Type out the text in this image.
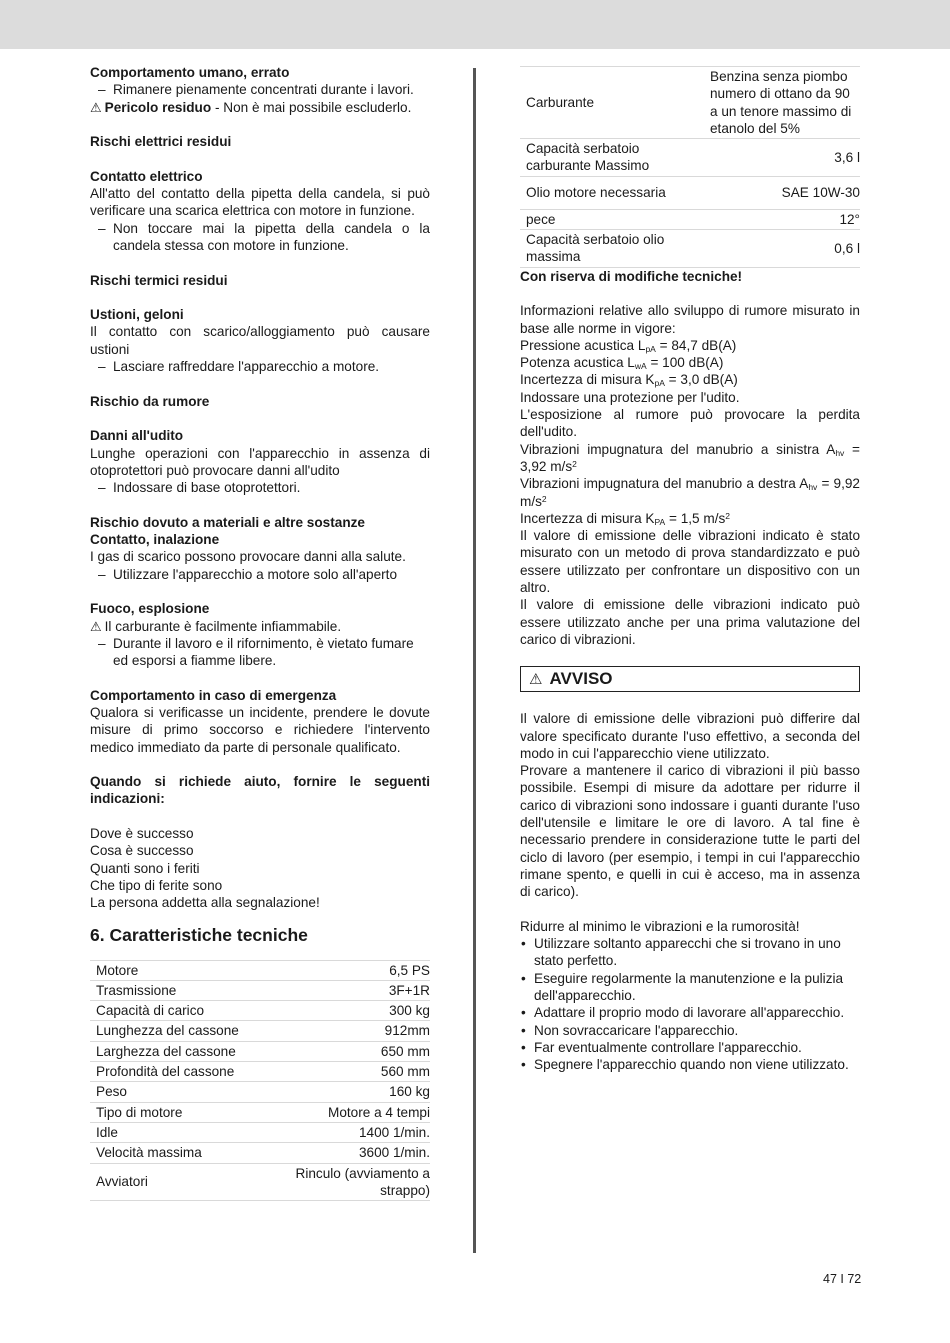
Comportamento umano, errato

– Rimanere pienamente concentrati durante i lavori.

⚠ Pericolo residuo - Non è mai possibile escluderlo.

Rischi elettrici residui

Contatto elettrico

All'atto del contatto della pipetta della candela, si può verificare una scarica elettrica con motore in funzione.

– Non toccare mai la pipetta della candela o la candela stessa con motore in funzione.

Rischi termici residui

Ustioni, geloni

Il contatto con scarico/alloggiamento può causare ustioni

– Lasciare raffreddare l'apparecchio a motore.

Rischio da rumore

Danni all'udito

Lunghe operazioni con l'apparecchio in assenza di otoprotettori può provocare danni all'udito

– Indossare di base otoprotettori.

Rischio dovuto a materiali e altre sostanze

Contatto, inalazione

I gas di scarico possono provocare danni alla salute.

– Utilizzare l'apparecchio a motore solo all'aperto

Fuoco, esplosione

⚠ Il carburante è facilmente infiammabile.

– Durante il lavoro e il rifornimento, è vietato fumare ed esporsi a fiamme libere.

Comportamento in caso di emergenza

Qualora si verificasse un incidente, prendere le dovute misure di primo soccorso e richiedere l'intervento medico immediato da parte di personale qualificato.

Quando si richiede aiuto, fornire le seguenti indicazioni:

Dove è successo

Cosa è successo

Quanti sono i feriti

Che tipo di ferite sono

La persona addetta alla segnalazione!

6. Caratteristiche tecniche
Motore	6,5 PS
Trasmissione	3F+1R
Capacità di carico	300 kg
Lunghezza del cassone	912mm
Larghezza del cassone	650 mm
Profondità del cassone	560 mm
Peso	160 kg
Tipo di motore	Motore a 4 tempi
Idle	1400 1/min.
Velocità massima	3600 1/min.
Avviatori	Rinculo (avviamento a strappo)
Carburante	Benzina senza piombo numero di ottano da 90 a un tenore massimo di etanolo del 5%
Capacità serbatoio carburante Massimo	3,6 l
Olio motore necessaria	SAE 10W-30
pece	12°
Capacità serbatoio olio massima	0,6 l

Con riserva di modifiche tecniche!

Informazioni relative allo sviluppo di rumore misurato in base alle norme in vigore:

Pressione acustica $L_{pA} = 84,7$ dB(A)

Potenza acustica $L_{wA} = 100$ dB(A)

Incertezza di misura $K_{pA} = 3,0$ dB(A)

Indossare una protezione per l'udito.

L'esposizione al rumore può provocare la perdita dell'udito.

Vibrazioni impugnatura del manubrio a sinistra $A_{hv} = 3,92$ $m/s^2$

Vibrazioni impugnatura del manubrio a destra $A_{hv} = 9,92$ $m/s^2$

Incertezza di misura $K_{PA} = 1,5$ $m/s^2$

Il valore di emissione delle vibrazioni indicato è stato misurato con un metodo di prova standardizzato e può essere utilizzato per confrontare un dispositivo con un altro.

Il valore di emissione delle vibrazioni indicato può essere utilizzato anche per una prima valutazione del carico di vibrazioni.

⚠ AVVISO

Il valore di emissione delle vibrazioni può differire dal valore specificato durante l'uso effettivo, a seconda del modo in cui l'apparecchio viene utilizzato.

Provare a mantenere il carico di vibrazioni il più basso possibile. Esempi di misure da adottare per ridurre il carico di vibrazioni sono indossare i guanti durante l'uso dell'utensile e limitare le ore di lavoro. A tal fine è necessario prendere in considerazione tutte le parti del ciclo di lavoro (per esempio, i tempi in cui l'apparecchio rimane spento, e quelli in cui è acceso, ma in assenza di carico).

Ridurre al minimo le vibrazioni e la rumorosità!

• Utilizzare soltanto apparecchi che si trovano in uno stato perfetto.

• Eseguire regolarmente la manutenzione e la pulizia dell'apparecchio.

• Adattare il proprio modo di lavorare all'apparecchio.

• Non sovraccaricare l'apparecchio.

• Far eventualmente controllare l'apparecchio.

• Spegnere l'apparecchio quando non viene utilizzato.

47 I 72
